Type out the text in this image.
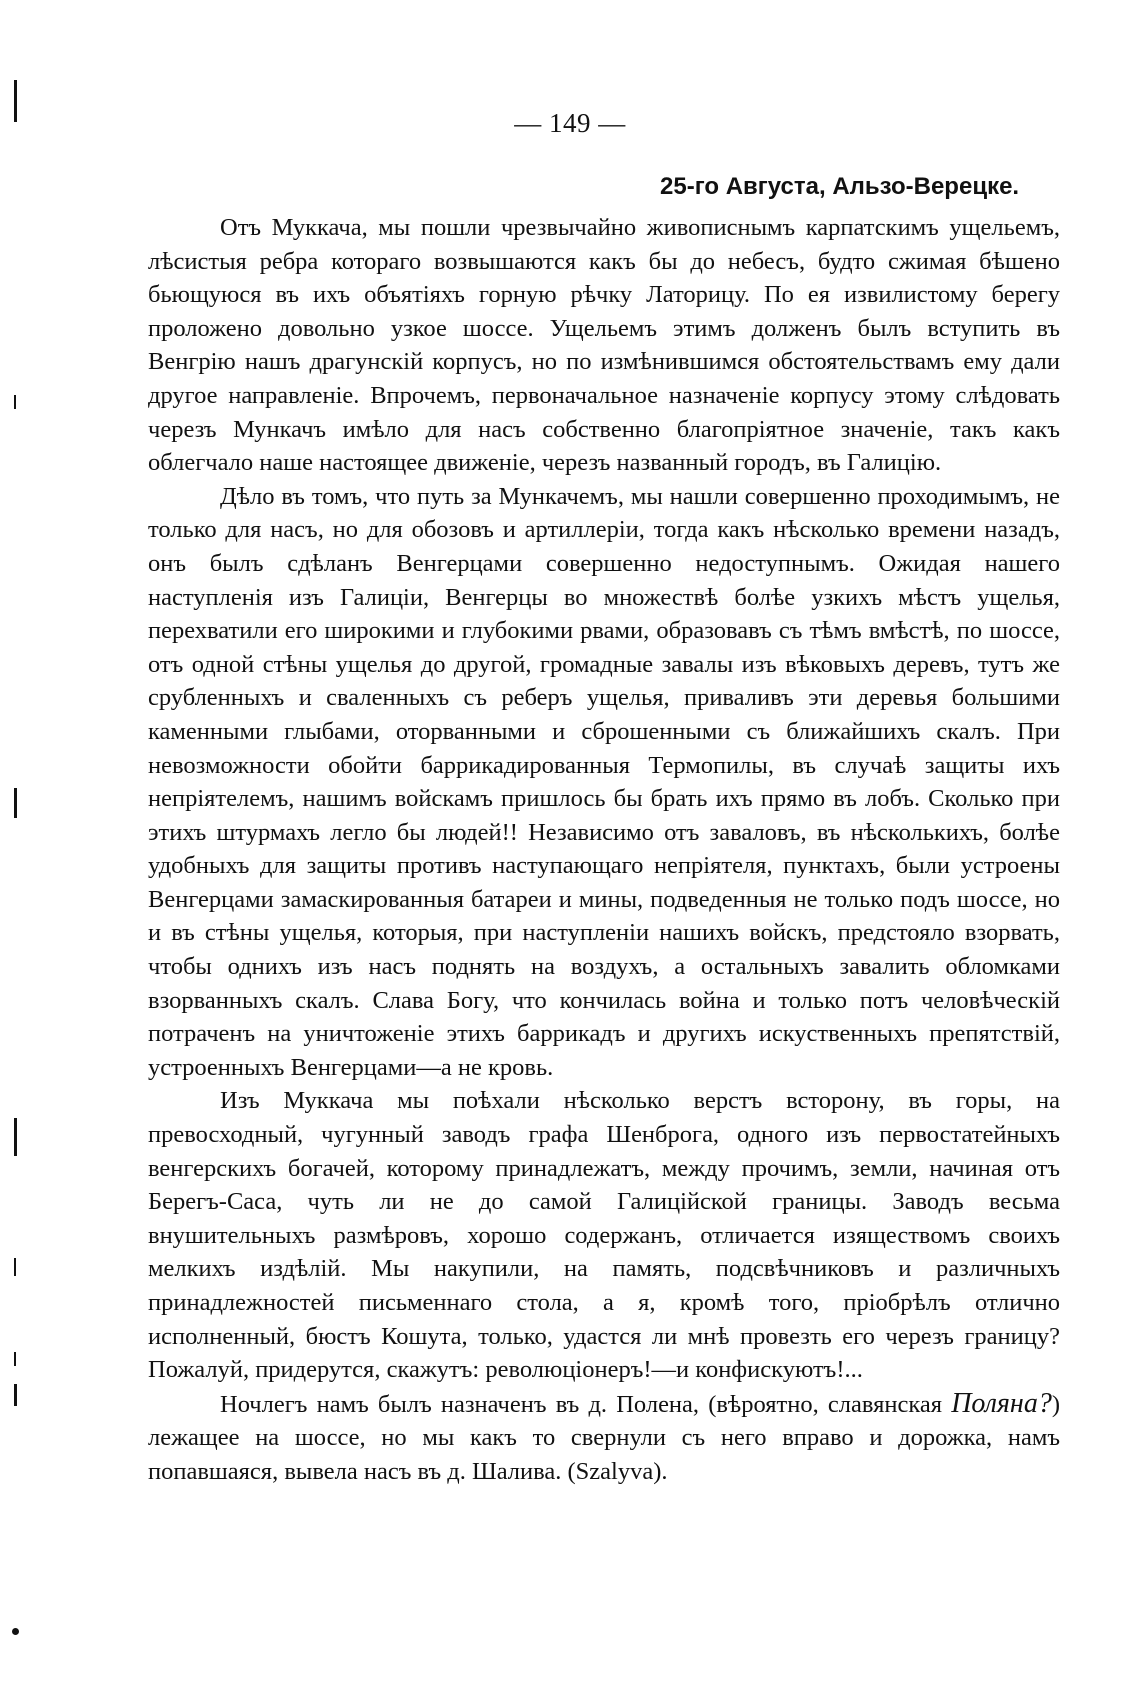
— 149 —
25-го Августа, Альзо-Верецке.

Отъ Муккача, мы пошли чрезвычайно живописнымъ карпатскимъ ущельемъ, лѣсистыя ребра котораго возвышаются какъ бы до небесъ, будто сжимая бѣшено бьющуюся въ ихъ объятіяхъ горную рѣчку Латорицу. По ея извилистому берегу проложено довольно узкое шоссе. Ущельемъ этимъ долженъ былъ вступить въ Венгрію нашъ драгунскій корпусъ, но по измѣнившимся обстоятельствамъ ему дали другое направленіе. Впрочемъ, первоначальное назначеніе корпусу этому слѣдовать черезъ Мункачъ имѣло для насъ собственно благопріятное значеніе, такъ какъ облегчало наше настоящее движеніе, черезъ названный городъ, въ Галицію.

Дѣло въ томъ, что путь за Мункачемъ, мы нашли совершенно проходимымъ, не только для насъ, но для обозовъ и артиллеріи, тогда какъ нѣсколько времени назадъ, онъ былъ сдѣланъ Венгерцами совершенно недоступнымъ. Ожидая нашего наступленія изъ Галиціи, Венгерцы во множествѣ болѣе узкихъ мѣстъ ущелья, перехватили его широкими и глубокими рвами, образовавъ съ тѣмъ вмѣстѣ, по шоссе, отъ одной стѣны ущелья до другой, громадные завалы изъ вѣковыхъ деревъ, тутъ же срубленныхъ и сваленныхъ съ реберъ ущелья, приваливъ эти деревья большими каменными глыбами, оторванными и сброшенными съ ближайшихъ скалъ. При невозможности обойти баррикадированныя Термопилы, въ случаѣ защиты ихъ непріятелемъ, нашимъ войскамъ пришлось бы брать ихъ прямо въ лобъ. Сколько при этихъ штурмахъ легло бы людей!! Независимо отъ заваловъ, въ нѣсколькихъ, болѣе удобныхъ для защиты противъ наступающаго непріятеля, пунктахъ, были устроены Венгерцами замаскированныя батареи и мины, подведенныя не только подъ шоссе, но и въ стѣны ущелья, которыя, при наступленіи нашихъ войскъ, предстояло взорвать, чтобы однихъ изъ насъ поднять на воздухъ, а остальныхъ завалить обломками взорванныхъ скалъ. Слава Богу, что кончилась война и только потъ человѣческій потраченъ на уничтоженіе этихъ баррикадъ и другихъ искуственныхъ препятствій, устроенныхъ Венгерцами—а не кровь.

Изъ Муккача мы поѣхали нѣсколько верстъ всторону, въ горы, на превосходный, чугунный заводъ графа Шенброга, одного изъ первостатейныхъ венгерскихъ богачей, которому принадлежатъ, между прочимъ, земли, начиная отъ Берегъ-Саса, чуть ли не до самой Галиційской границы. Заводъ весьма внушительныхъ размѣровъ, хорошо содержанъ, отличается изяществомъ своихъ мелкихъ издѣлій. Мы накупили, на память, подсвѣчниковъ и различныхъ принадлежностей письменнаго стола, а я, кромѣ того, пріобрѣлъ отлично исполненный, бюстъ Кошута, только, удастся ли мнѣ провезть его черезъ границу? Пожалуй, придерутся, скажутъ: революціонеръ!—и конфискуютъ!...

Ночлегъ намъ былъ назначенъ въ д. Полена, (вѣроятно, славянская Поляна?) лежащее на шоссе, но мы какъ то свернули съ него вправо и дорожка, намъ попавшаяся, вывела насъ въ д. Шалива. (Szalyva).
